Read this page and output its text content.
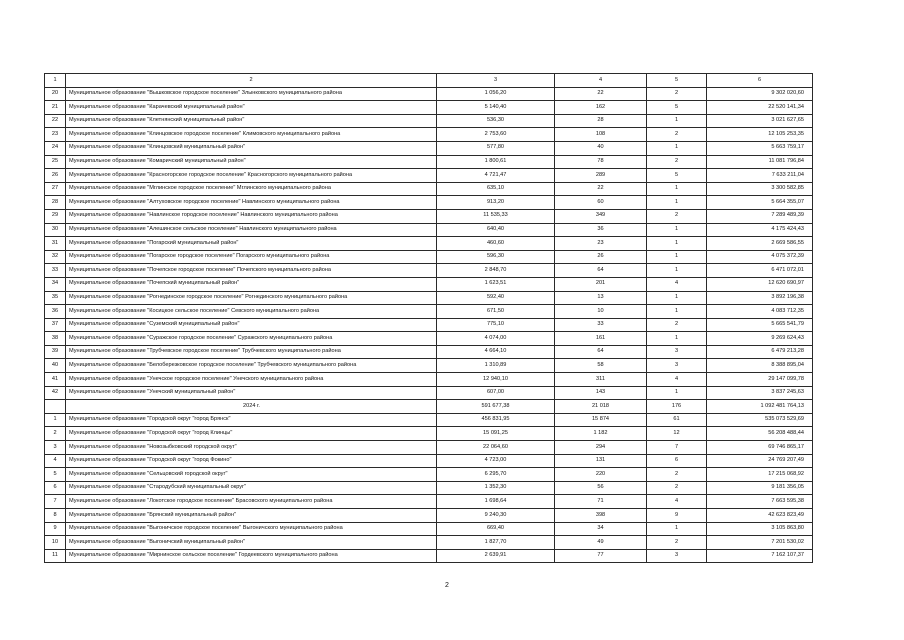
1	2	3	4	5	6
20	Муниципальное образование "Вышковское городское поселение" Злынковского муниципального района	1 056,20	22	2	9 302 020,60
21	Муниципальное образование "Карачевский муниципальный район"	5 140,40	162	5	22 520 141,34
22	Муниципальное образование "Клетнянский муниципальный район"	536,30	28	1	3 021 627,65
23	Муниципальное образование "Клинцовское городское поселение" Климовского муниципального района	2 753,60	108	2	12 105 253,35
24	Муниципальное образование "Клинцовский муниципальный район"	577,80	40	1	5 663 759,17
25	Муниципальное образование "Комаричский муниципальный район"	1 800,61	78	2	11 081 796,84
26	Муниципальное образование "Красногорское городское поселение" Красногорского муниципального района	4 721,47	289	5	7 633 211,04
27	Муниципальное образование "Мглинское городское поселение" Мглинского муниципального района	635,10	22	1	3 300 582,85
28	Муниципальное образование "Алтуховское городское поселение" Навлинского муниципального района	913,20	60	1	5 664 355,07
29	Муниципальное образование "Навлинское городское поселение" Навлинского муниципального района	11 535,33	349	2	7 289 489,39
30	Муниципальное образование "Алешинское сельское поселение" Навлинского муниципального района	640,40	36	1	4 175 424,43
31	Муниципальное образование "Погарский муниципальный район"	460,60	23	1	2 669 586,55
32	Муниципальное образование "Погарское городское поселение" Погарского муниципального района	596,30	26	1	4 075 372,39
33	Муниципальное образование "Почепское городское поселение" Почепского муниципального района	2 848,70	64	1	6 471 072,01
34	Муниципальное образование "Почепский муниципальный район"	1 623,51	201	4	12 620 690,97
35	Муниципальное образование "Рогнединское городское поселение" Рогнединского муниципального района	592,40	13	1	3 892 196,38
36	Муниципальное образование "Косицкое сельское поселение" Севского муниципального района	671,50	10	1	4 083 712,35
37	Муниципальное образование "Суземский муниципальный район"	775,10	33	2	5 665 541,79
38	Муниципальное образование "Суражское городское поселение" Суражского муниципального района	4 074,00	161	1	9 269 624,43
39	Муниципальное образование "Трубчевское городское поселение" Трубчевского муниципального района	4 664,10	64	3	6 479 213,28
40	Муниципальное образование "Белоберезковское городское поселение" Трубчевского муниципального района	1 310,89	58	3	8 388 895,04
41	Муниципальное образование "Унечское городское поселение" Унечского муниципального района	12 940,10	311	4	29 147 099,78
42	Муниципальное образование "Унечский муниципальный район"	607,00	143	1	3 837 245,63
	2024 г.	591 677,38	21 018	176	1 092 481 764,13
1	Муниципальное образование "Городской округ "город Брянск"	456 831,95	15 874	61	535 073 529,69
2	Муниципальное образование "Городской округ "город Клинцы"	15 091,25	1 182	12	56 208 488,44
3	Муниципальное образование "Новозыбковский городской округ"	22 064,60	294	7	69 746 865,17
4	Муниципальное образование "Городской округ "город Фокино"	4 723,00	131	6	24 769 207,49
5	Муниципальное образование "Сельцовский городской округ"	6 295,70	220	2	17 215 068,92
6	Муниципальное образование "Стародубский муниципальный округ"	1 352,30	56	2	9 181 356,05
7	Муниципальное образование "Локотское городское поселение" Брасовского муниципального района	1 698,64	71	4	7 663 595,38
8	Муниципальное образование "Брянский муниципальный район"	9 240,30	398	9	42 623 823,49
9	Муниципальное образование "Выгоничское городское поселение" Выгоничского муниципального района	669,40	34	1	3 105 863,80
10	Муниципальное образование "Выгоничский муниципальный район"	1 827,70	49	2	7 201 530,02
11	Муниципальное образование "Мирнинское сельское поселение" Гордеевского муниципального района	2 639,91	77	3	7 162 107,37
2
